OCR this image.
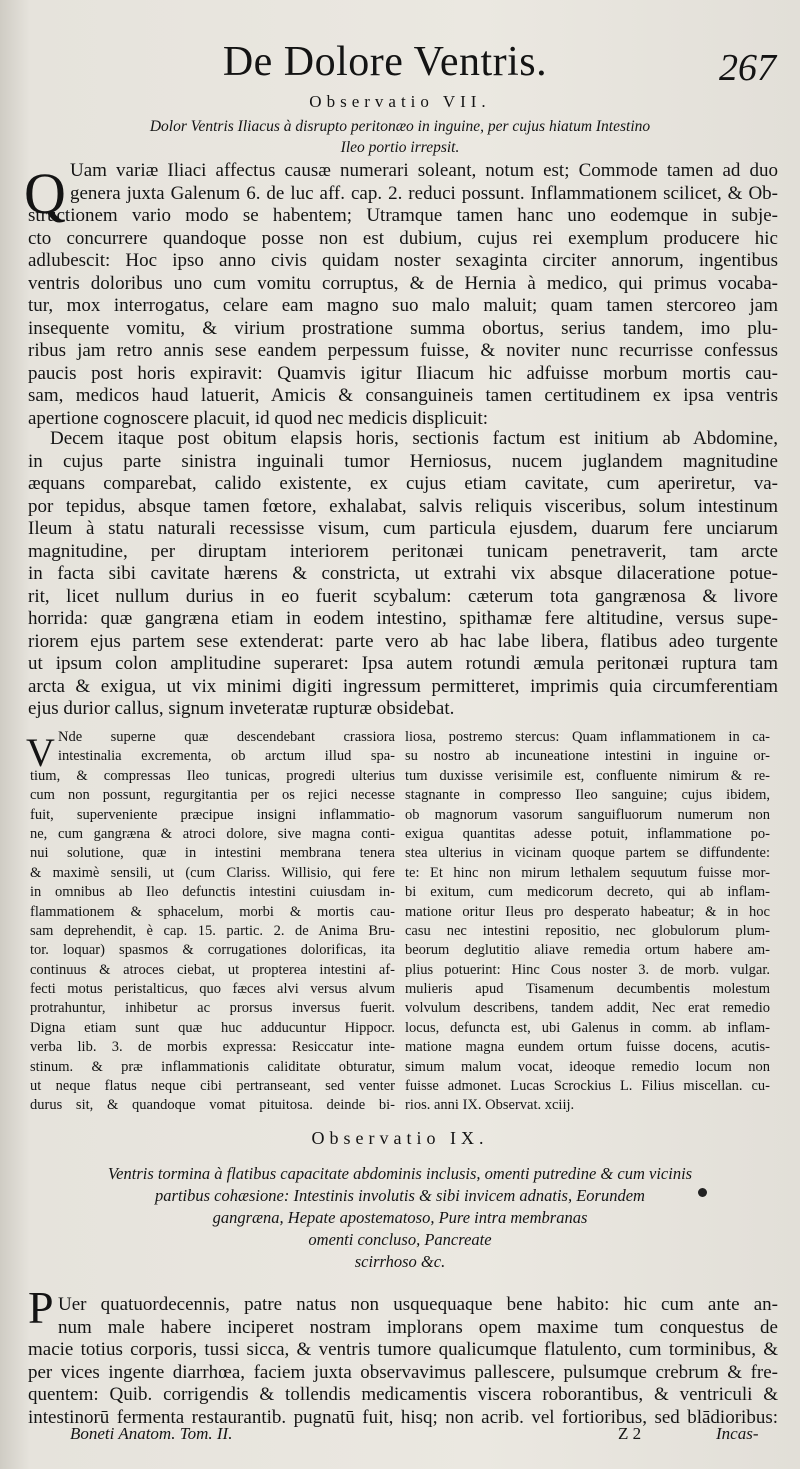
De Dolore Ventris.	267
Observatio VII.
Dolor Ventris Iliacus à disrupto peritonæo in inguine, per cujus hiatum Intestino
Ileo portio irrepsit.
Q Uam variæ Iliaci affectus causæ numerari soleant, notum est; Commode tamen ad duo
genera juxta Galenum 6. de luc aff. cap. 2. reduci possunt. Inflammationem scilicet, & Ob-
structionem vario modo se habentem; Utramque tamen hanc uno eodemque in subje-
cto concurrere quandoque posse non est dubium, cujus rei exemplum producere hic
adlubescit: Hoc ipso anno civis quidam noster sexaginta circiter annorum, ingentibus
ventris doloribus uno cum vomitu corruptus, & de Hernia à medico, qui primus vocaba-
tur, mox interrogatus, celare eam magno suo malo maluit; quam tamen stercoreo jam
insequente vomitu, & virium prostratione summa obortus, serius tandem, imo plu-
ribus jam retro annis sese eandem perpessum fuisse, & noviter nunc recurrisse confessus
paucis post horis expiravit: Quamvis igitur Iliacum hic adfuisse morbum mortis cau-
sam, medicos haud latuerit, Amicis & consanguineis tamen certitudinem ex ipsa ventris
apertione cognoscere placuit, id quod nec medicis displicuit:
Decem itaque post obitum elapsis horis, sectionis factum est initium ab Abdomine,
in cujus parte sinistra inguinali tumor Herniosus, nucem juglandem magnitudine
æquans comparebat, calido existente, ex cujus etiam cavitate, cum aperiretur, va-
por tepidus, absque tamen fœtore, exhalabat, salvis reliquis visceribus, solum intestinum
Ileum à statu naturali recessisse visum, cum particula ejusdem, duarum fere unciarum
magnitudine, per diruptam interiorem peritonæi tunicam penetraverit, tam arcte
in facta sibi cavitate hærens & constricta, ut extrahi vix absque dilaceratione potue-
rit, licet nullum durius in eo fuerit scybalum: cæterum tota gangrænosa & livore
horrida: quæ gangræna etiam in eodem intestino, spithamæ fere altitudine, versus supe-
riorem ejus partem sese extenderat: parte vero ab hac labe libera, flatibus adeo turgente
ut ipsum colon amplitudine superaret: Ipsa autem rotundi æmula peritonæi ruptura tam
arcta & exigua, ut vix minimi digiti ingressum permitteret, imprimis quia circumferentiam
ejus durior callus, signum inveteratæ rupturæ obsidebat.
V Nde superne quæ descendebant crassiora
intestinalia excrementa, ob arctum illud spa-
tium, & compressas Ileo tunicas, progredi ulterius
cum non possunt, regurgitantia per os rejici necesse
fuit, superveniente præcipue insigni inflammatio-
ne, cum gangræna & atroci dolore, sive magna conti-
nui solutione, quæ in intestini membrana tenera
& maximè sensili, ut (cum Clariss. Willisio, qui fere
in omnibus ab Ileo defunctis intestini cuiusdam in-
flammationem & sphacelum, morbi & mortis cau-
sam deprehendit, è cap. 15. partic. 2. de Anima Bru-
tor. loquar) spasmos & corrugationes dolorificas, ita
continuus & atroces ciebat, ut propterea intestini af-
fecti motus peristalticus, quo fæces alvi versus alvum
protrahuntur, inhibetur ac prorsus inversus fuerit.
Digna etiam sunt quæ huc adducuntur Hippocr.
verba lib. 3. de morbis expressa: Resiccatur inte-
stinum. & præ inflammationis caliditate obturatur,
ut neque flatus neque cibi pertranseant, sed venter
durus sit, & quandoque vomat pituitosa. deinde bi-
liosa, postremo stercus: Quam inflammationem in ca-
su nostro ab incuneatione intestini in inguine or-
tum duxisse verisimile est, confluente nimirum & re-
stagnante in compresso Ileo sanguine; cujus ibidem,
ob magnorum vasorum sanguifluorum numerum non
exigua quantitas adesse potuit, inflammatione po-
stea ulterius in vicinam quoque partem se diffundente:
te: Et hinc non mirum lethalem sequutum fuisse mor-
bi exitum, cum medicorum decreto, qui ab inflam-
matione oritur Ileus pro desperato habeatur; & in hoc
casu nec intestini repositio, nec globulorum plum-
beorum deglutitio aliave remedia ortum habere am-
plius potuerint: Hinc Cous noster 3. de morb. vulgar.
mulieris apud Tisamenum decumbentis molestum
volvulum describens, tandem addit, Nec erat remedio
locus, defuncta est, ubi Galenus in comm. ab inflam-
matione magna eundem ortum fuisse docens, acutis-
simum malum vocat, ideoque remedio locum non
fuisse admonet. Lucas Scrockius L. Filius miscellan. cu-
rios. anni IX. Observat. xciij.
Observatio IX.
Ventris tormina à flatibus capacitate abdominis inclusis, omenti putredine & cum vicinis
partibus cohæsione: Intestinis involutis & sibi invicem adnatis, Eorundem
gangræna, Hepate apostematoso, Pure intra membranas
omenti concluso, Pancreate
scirrhoso &c.
P Uer quatuordecennis, patre natus non usquequaque bene habito: hic cum ante an-
num male habere inciperet nostram implorans opem maxime tum conquestus de
macie totius corporis, tussi sicca, & ventris tumore qualicumque flatulento, cum torminibus, &
per vices ingente diarrhœa, faciem juxta observavimus pallescere, pulsumque crebrum & fre-
quentem: Quib. corrigendis & tollendis medicamentis viscera roborantibus, & ventriculi &
intestinorū fermenta restaurantib. pugnatū fuit, hisq; non acrib. vel fortioribus, sed blādioribus:
Boneti Anatom. Tom. II.	Z 2	Incas-
